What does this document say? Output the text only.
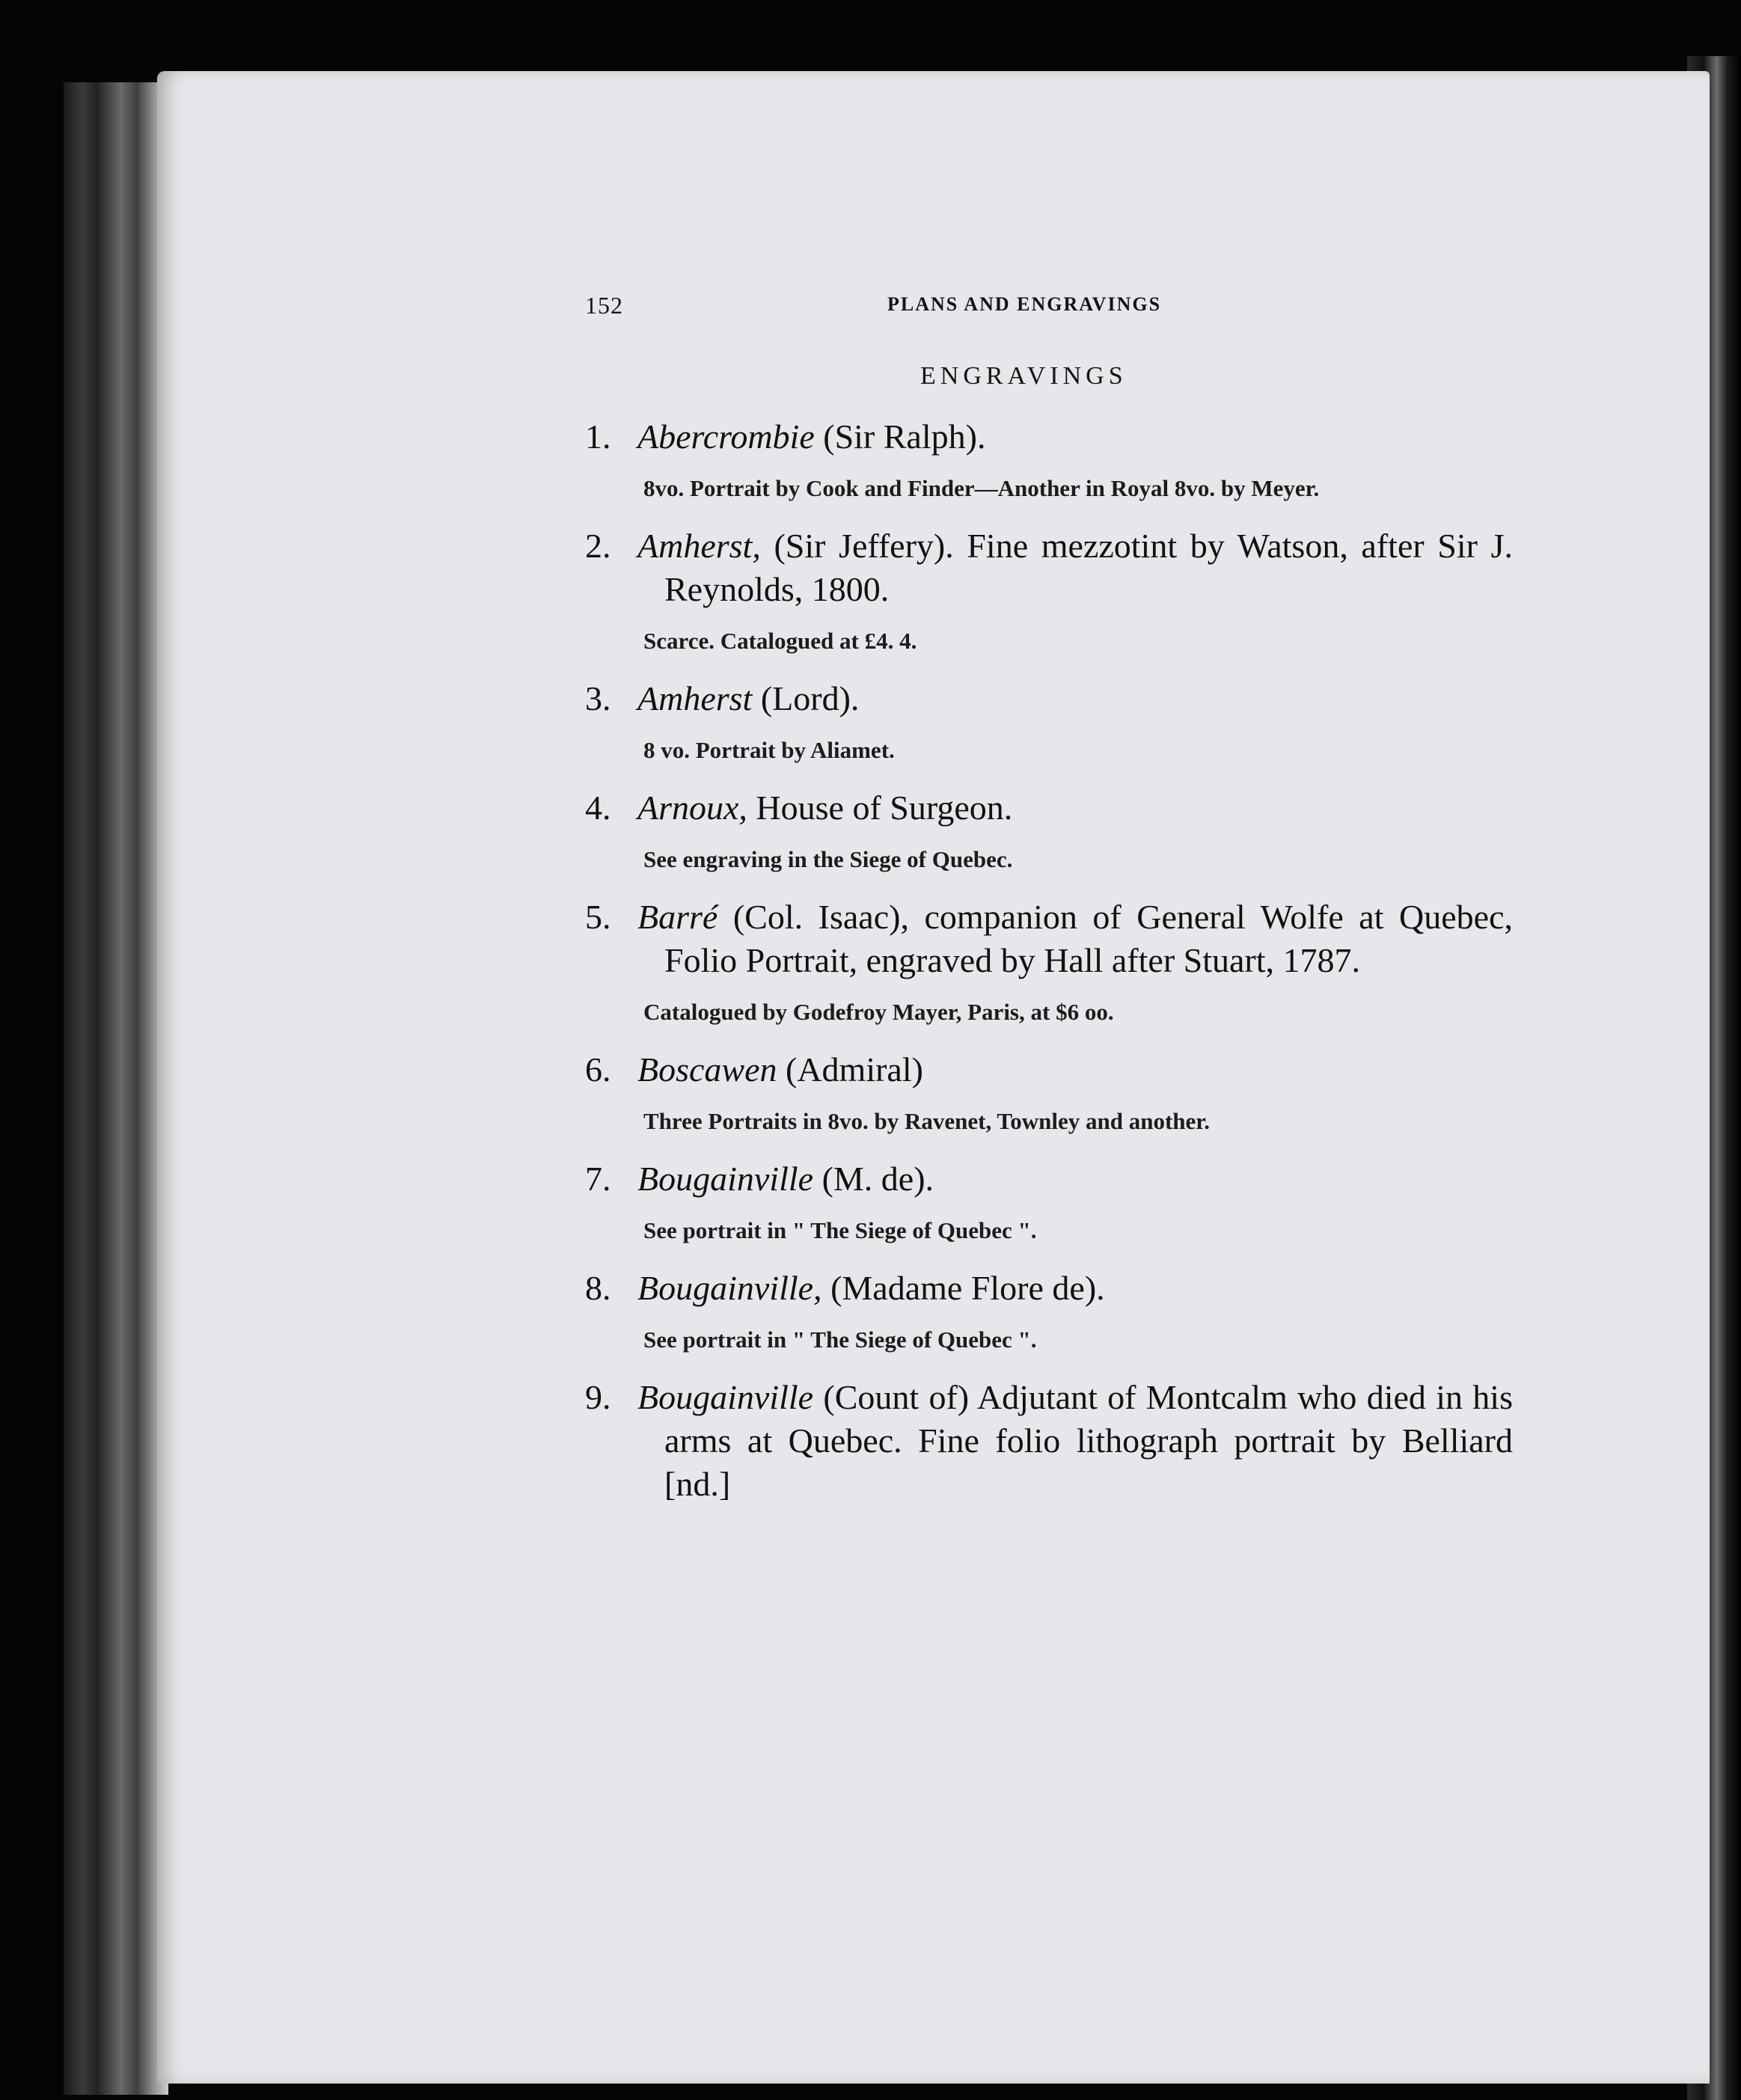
152	PLANS AND ENGRAVINGS
ENGRAVINGS
1. Abercrombie (Sir Ralph).
8vo. Portrait by Cook and Finder—Another in Royal 8vo. by Meyer.
2. Amherst, (Sir Jeffery). Fine mezzotint by Watson, after Sir J. Reynolds, 1800.
Scarce. Catalogued at £4. 4.
3. Amherst (Lord).
8 vo. Portrait by Aliamet.
4. Arnoux, House of Surgeon.
See engraving in the Siege of Quebec.
5. Barré (Col. Isaac), companion of General Wolfe at Quebec, Folio Portrait, engraved by Hall after Stuart, 1787.
Catalogued by Godefroy Mayer, Paris, at $6 oo.
6. Boscawen (Admiral)
Three Portraits in 8vo. by Ravenet, Townley and another.
7. Bougainville (M. de).
See portrait in " The Siege of Quebec ".
8. Bougainville, (Madame Flore de).
See portrait in " The Siege of Quebec ".
9. Bougainville (Count of) Adjutant of Montcalm who died in his arms at Quebec. Fine folio lithograph portrait by Belliard [nd.]
